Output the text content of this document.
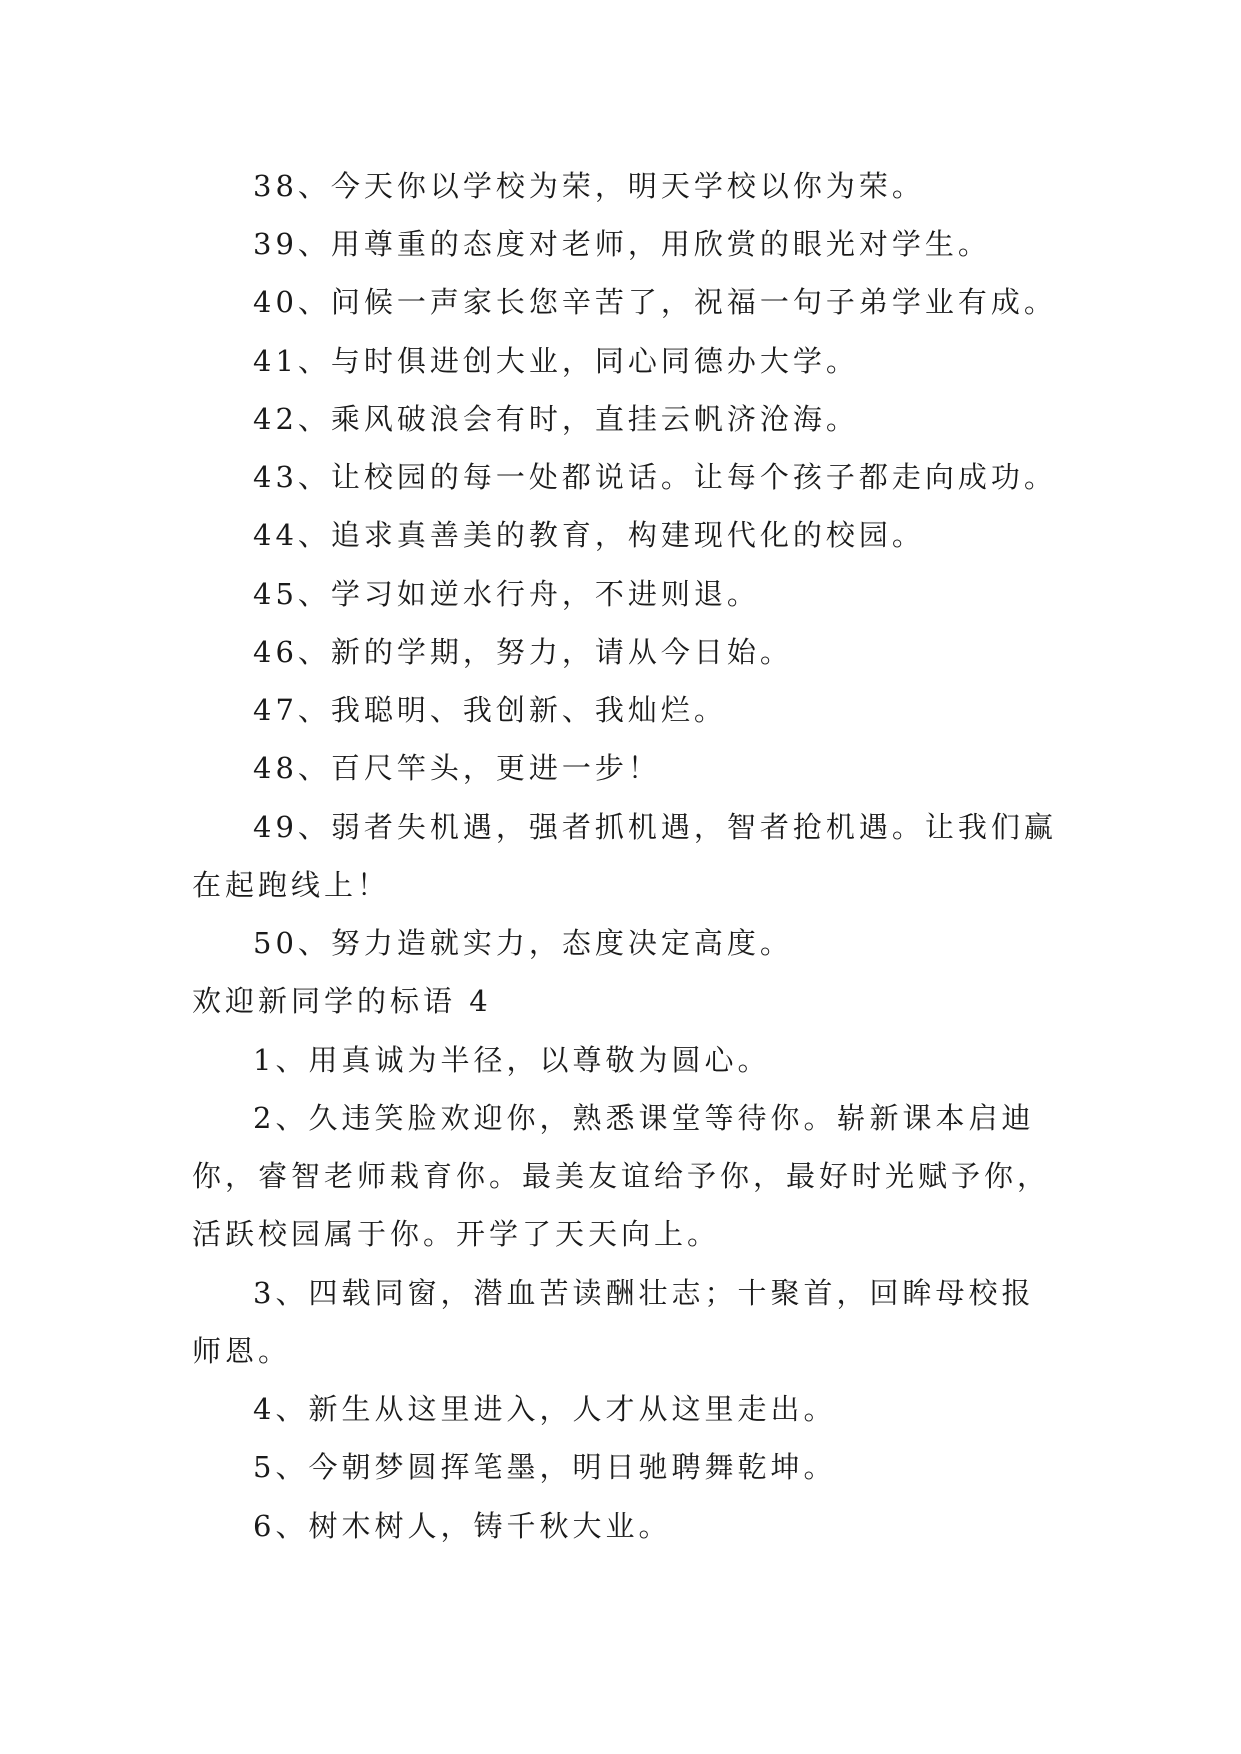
38、今天你以学校为荣，明天学校以你为荣。
39、用尊重的态度对老师，用欣赏的眼光对学生。
40、问候一声家长您辛苦了，祝福一句子弟学业有成。
41、与时俱进创大业，同心同德办大学。
42、乘风破浪会有时，直挂云帆济沧海。
43、让校园的每一处都说话。让每个孩子都走向成功。
44、追求真善美的教育，构建现代化的校园。
45、学习如逆水行舟，不进则退。
46、新的学期，努力，请从今日始。
47、我聪明、我创新、我灿烂。
48、百尺竿头，更进一步！
49、弱者失机遇，强者抓机遇，智者抢机遇。让我们赢
在起跑线上！
50、努力造就实力，态度决定高度。
欢迎新同学的标语 4
1、用真诚为半径，以尊敬为圆心。
2、久违笑脸欢迎你，熟悉课堂等待你。崭新课本启迪
你，睿智老师栽育你。最美友谊给予你，最好时光赋予你，
活跃校园属于你。开学了天天向上。
3、四载同窗，潜血苦读酬壮志；十聚首，回眸母校报
师恩。
4、新生从这里进入，人才从这里走出。
5、今朝梦圆挥笔墨，明日驰聘舞乾坤。
6、树木树人，铸千秋大业。
